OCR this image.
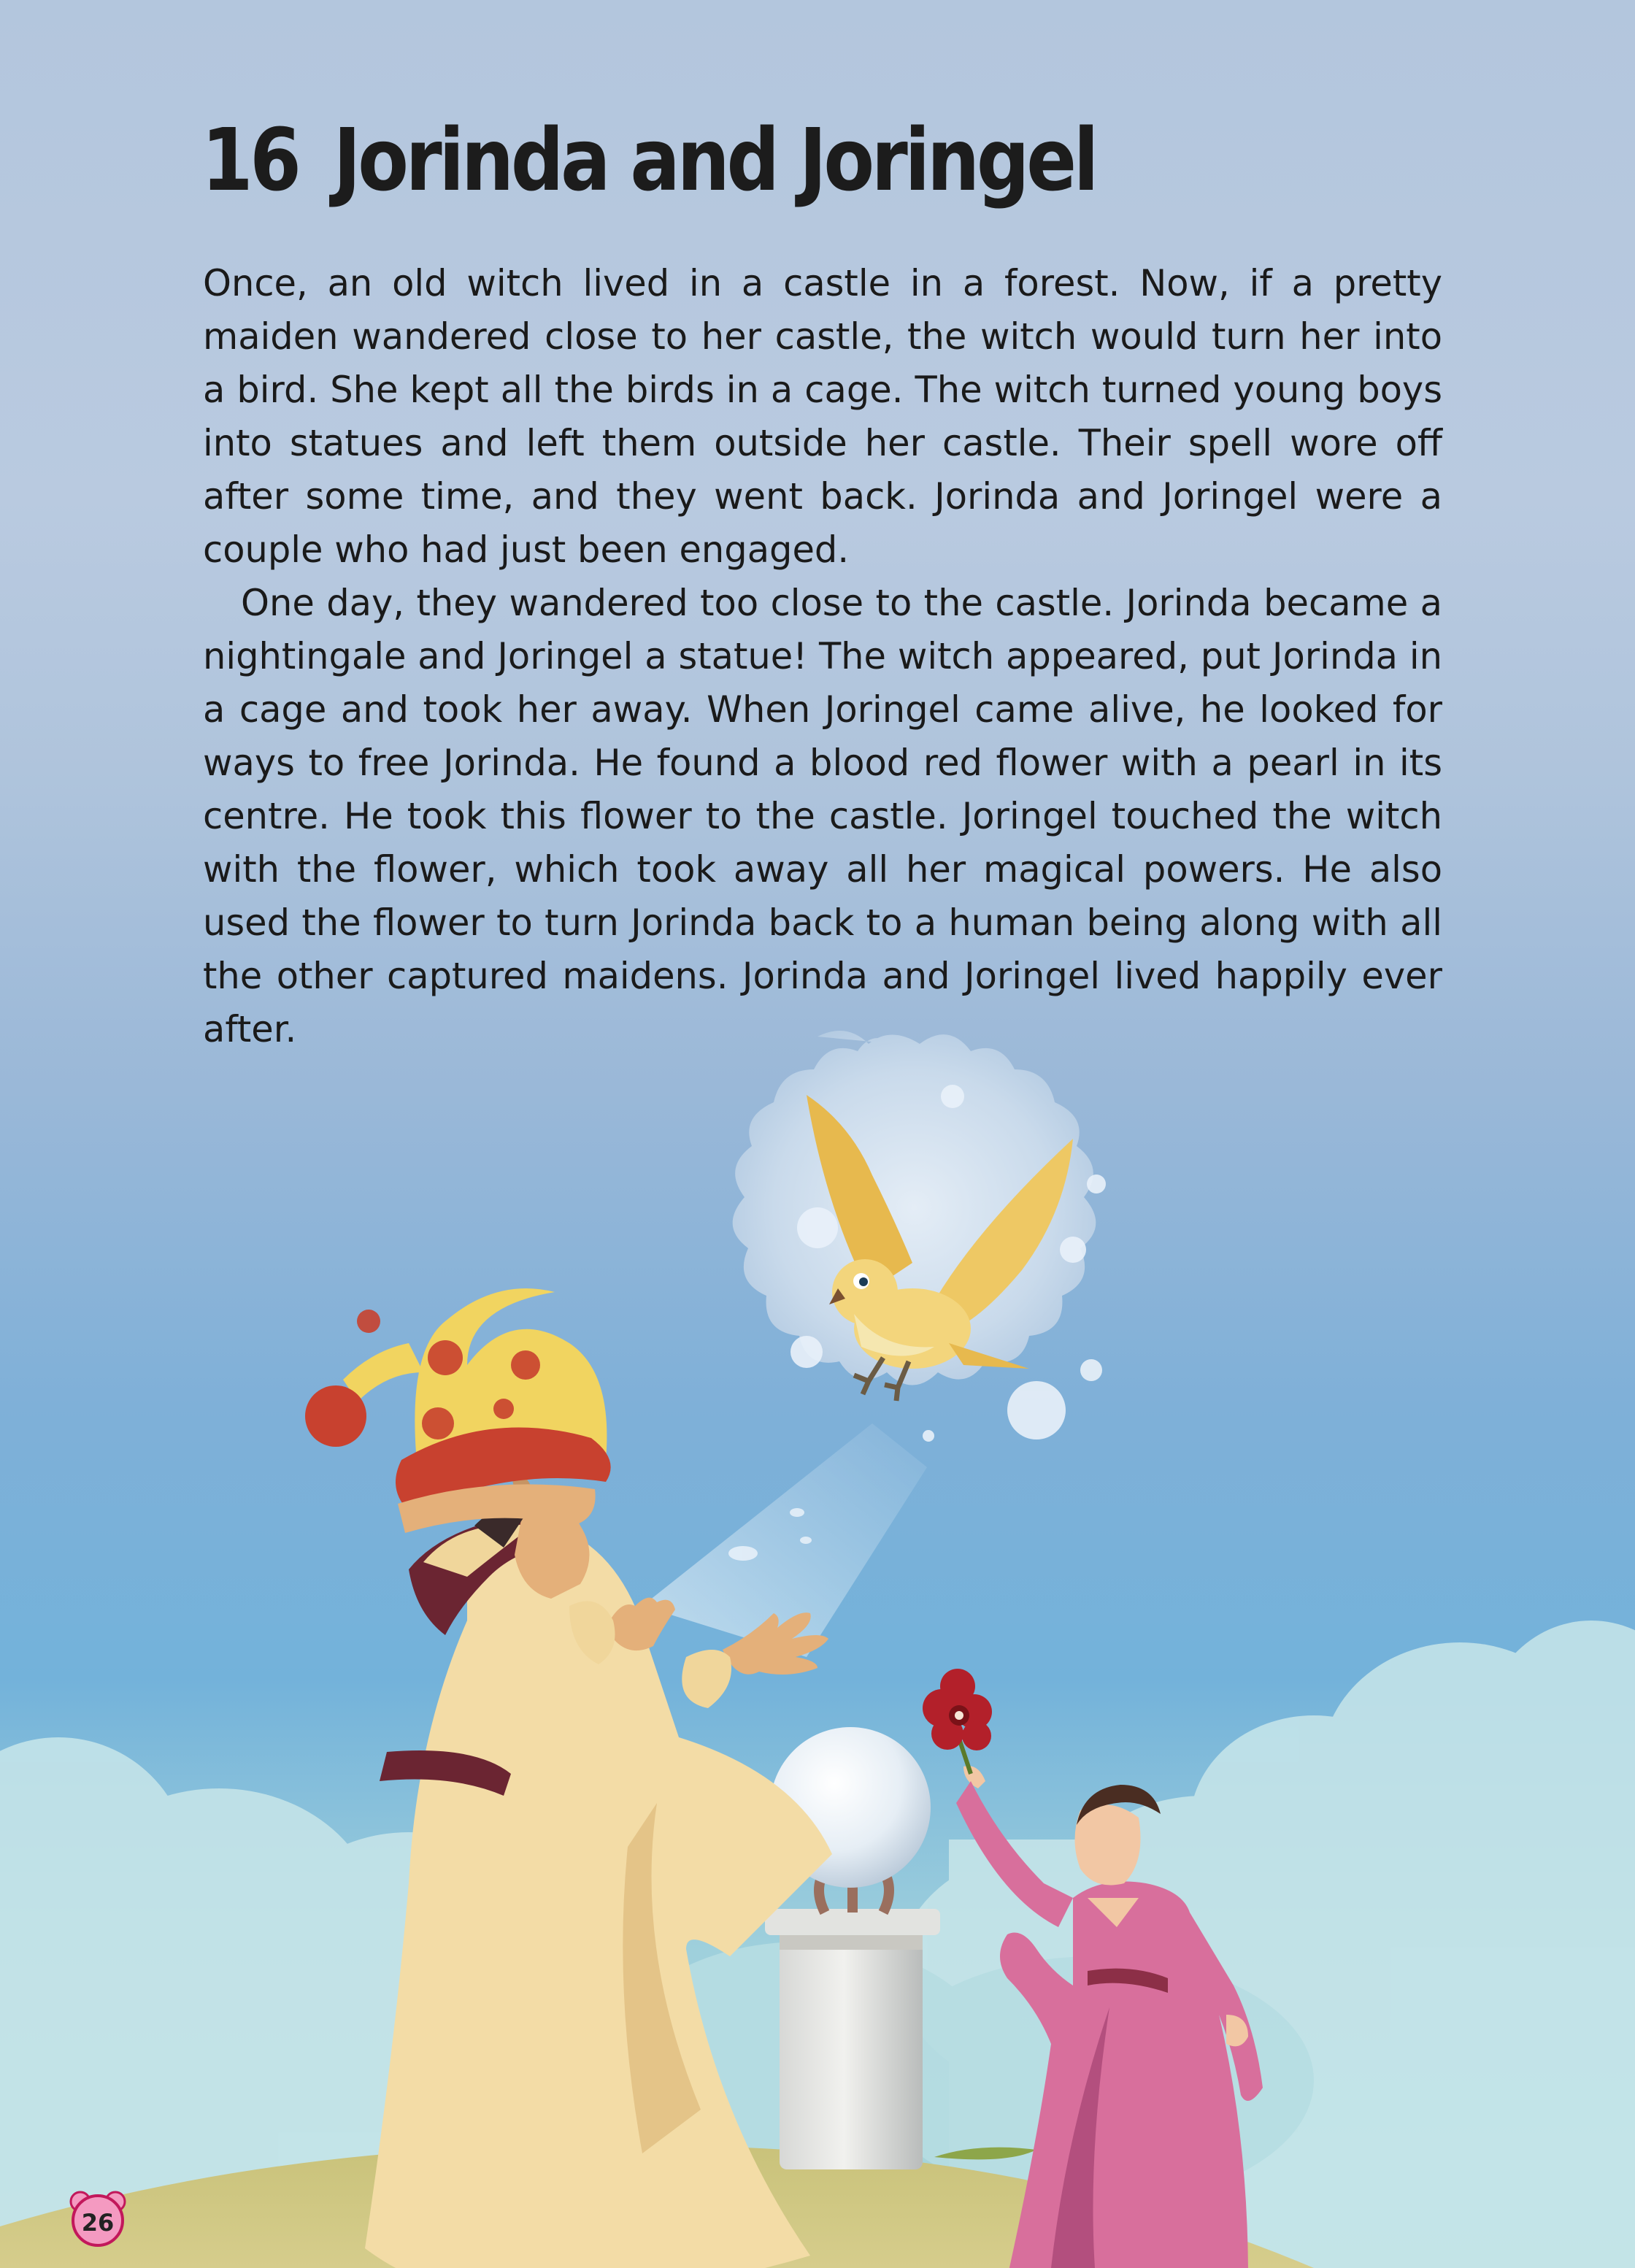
16 Jorinda and Joringel

Once, an old witch lived in a castle in a forest. Now, if a pretty maiden wandered close to her castle, the witch would turn her into a bird. She kept all the birds in a cage. The witch turned young boys into statues and left them outside her castle. Their spell wore off after some time, and they went back. Jorinda and Joringel were a couple who had just been engaged.

One day, they wandered too close to the castle. Jorinda became a nightingale and Joringel a statue! The witch appeared, put Jorinda in a cage and took her away. When Joringel came alive, he looked for ways to free Jorinda. He found a blood red flower with a pearl in its centre. He took this flower to the castle. Joringel touched the witch with the flower, which took away all her magical powers. He also used the flower to turn Jorinda back to a human being along with all the other captured maidens. Jorinda and Joringel lived happily ever after.

26
